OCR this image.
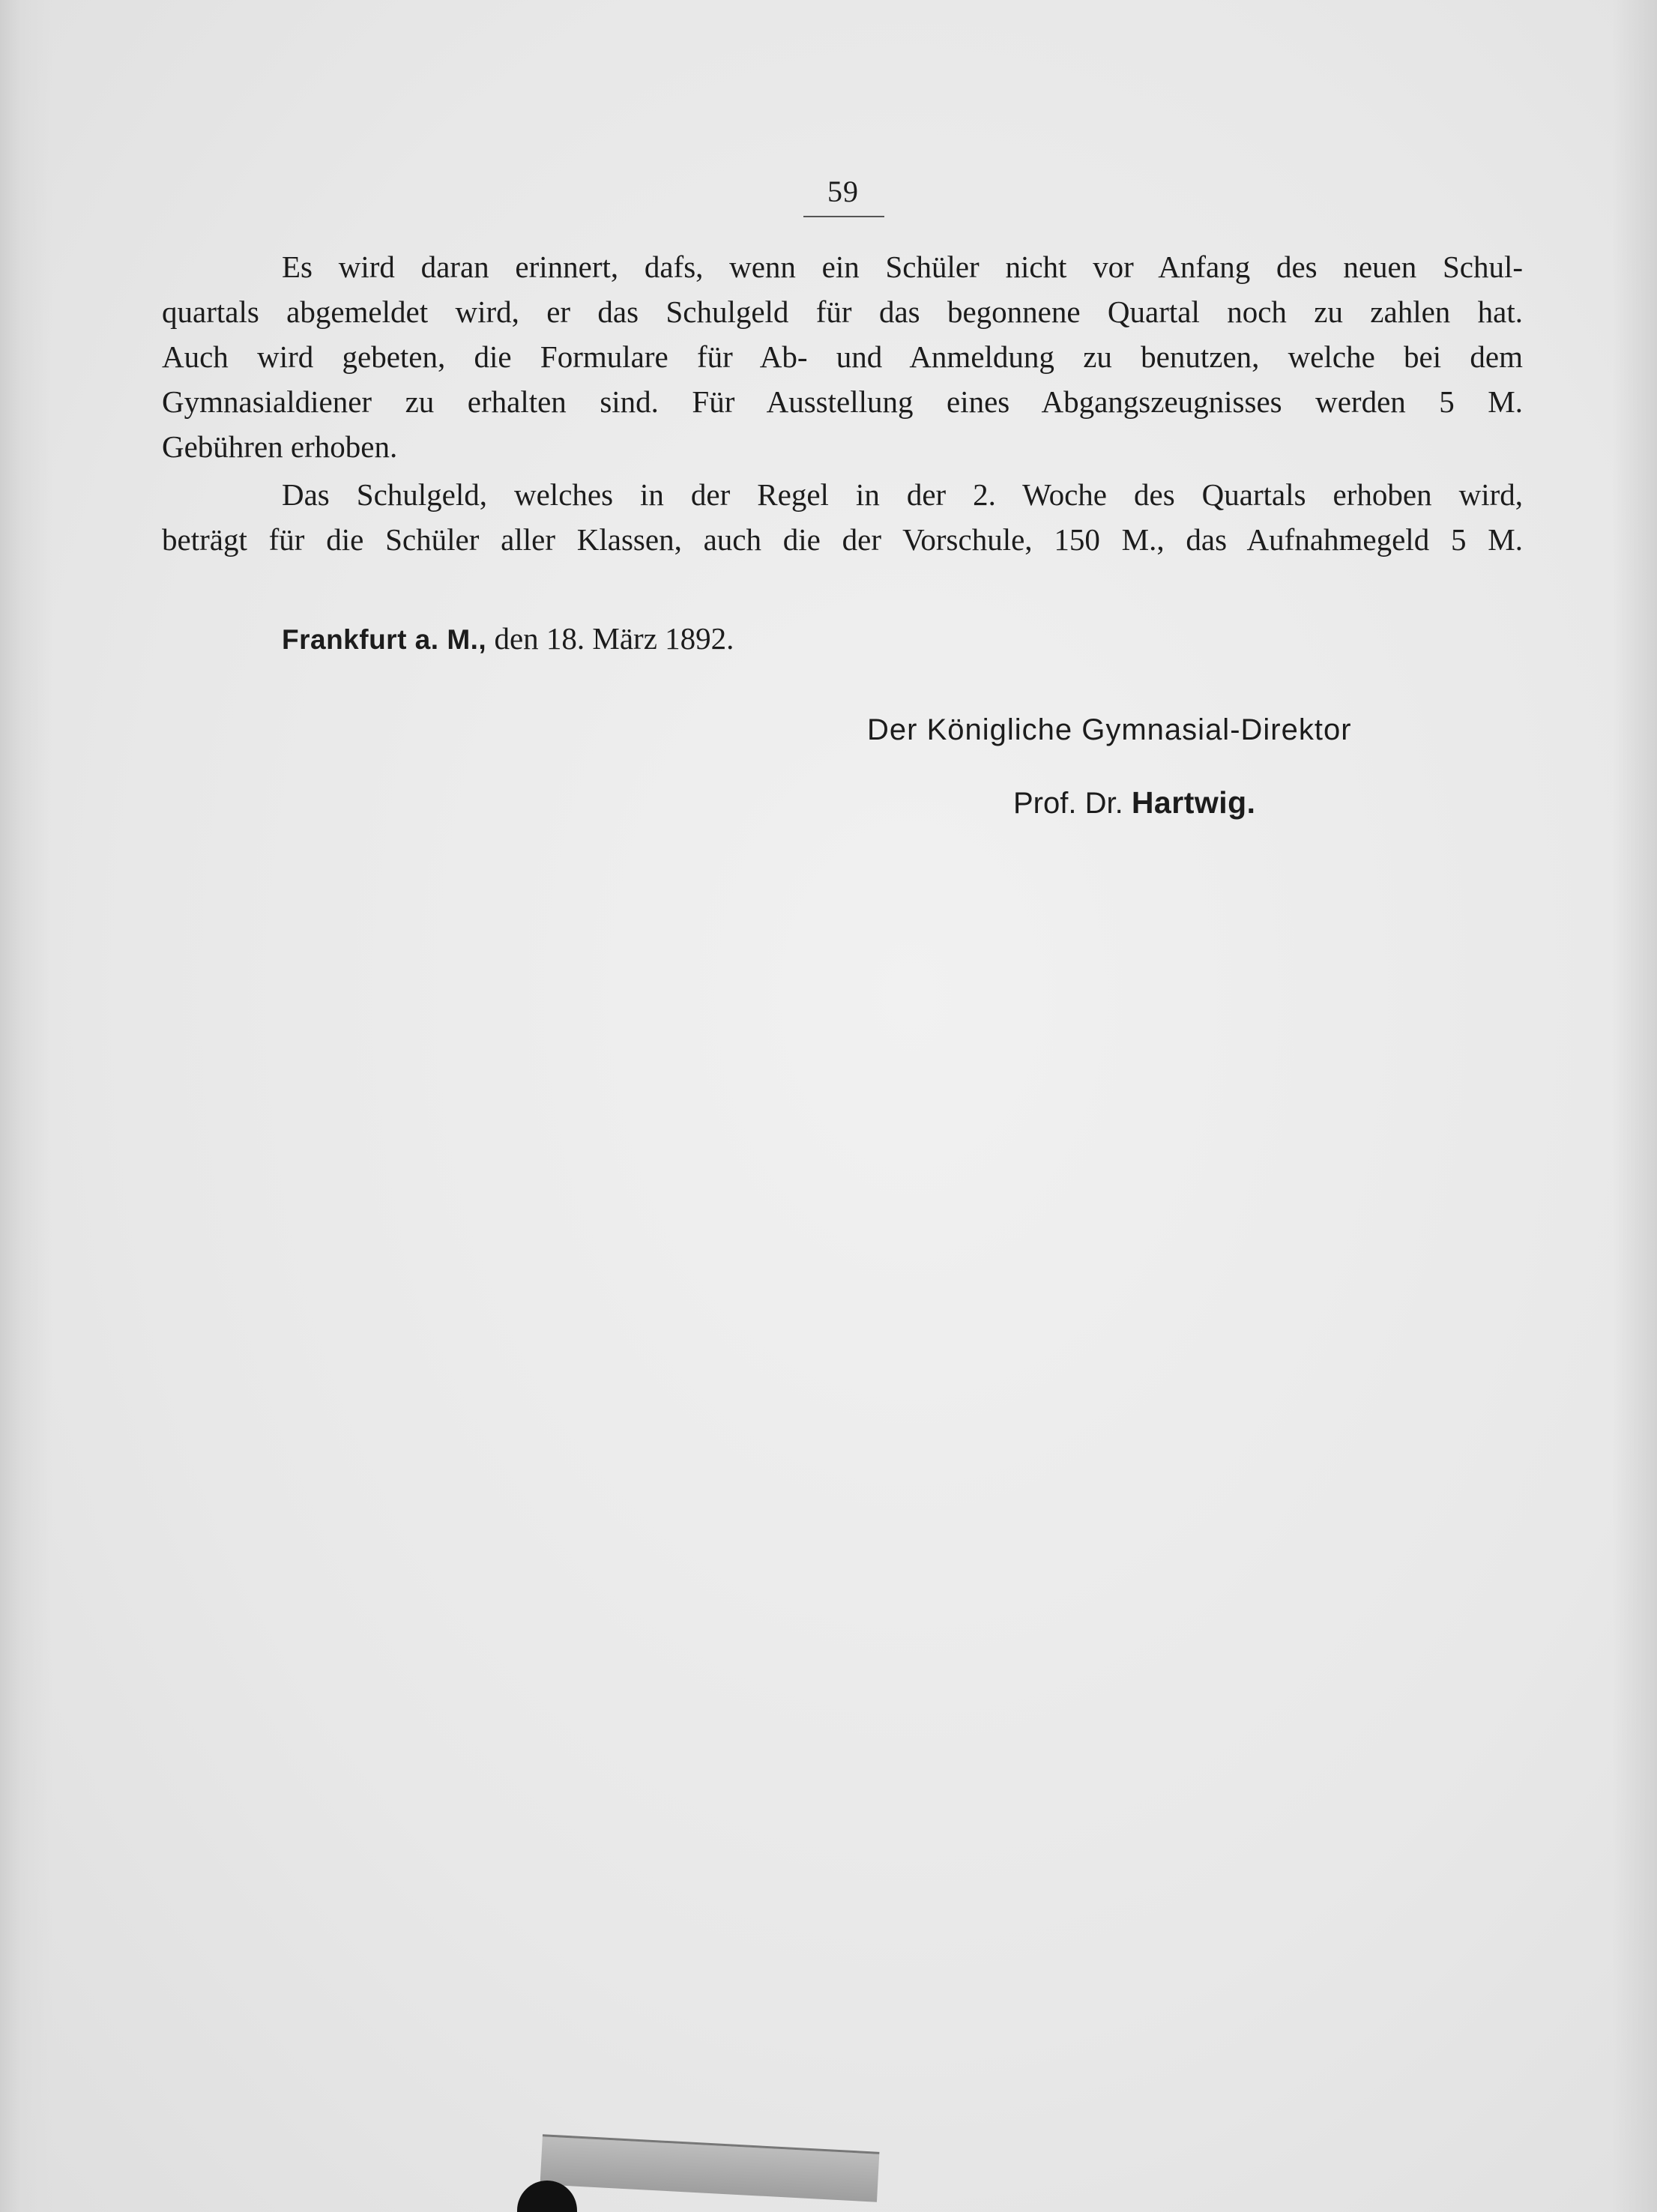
59
Es wird daran erinnert, dafs, wenn ein Schüler nicht vor Anfang des neuen Schul-
quartals abgemeldet wird, er das Schulgeld für das begonnene Quartal noch zu zahlen hat.
Auch wird gebeten, die Formulare für Ab- und Anmeldung zu benutzen, welche bei dem
Gymnasialdiener zu erhalten sind. Für Ausstellung eines Abgangszeugnisses werden 5 M.
Gebühren erhoben.
Das Schulgeld, welches in der Regel in der 2. Woche des Quartals erhoben wird,
beträgt für die Schüler aller Klassen, auch die der Vorschule, 150 M., das Aufnahmegeld 5 M.
Frankfurt a. M., den 18. März 1892.
Der Königliche Gymnasial-Direktor
Prof. Dr. Hartwig.
